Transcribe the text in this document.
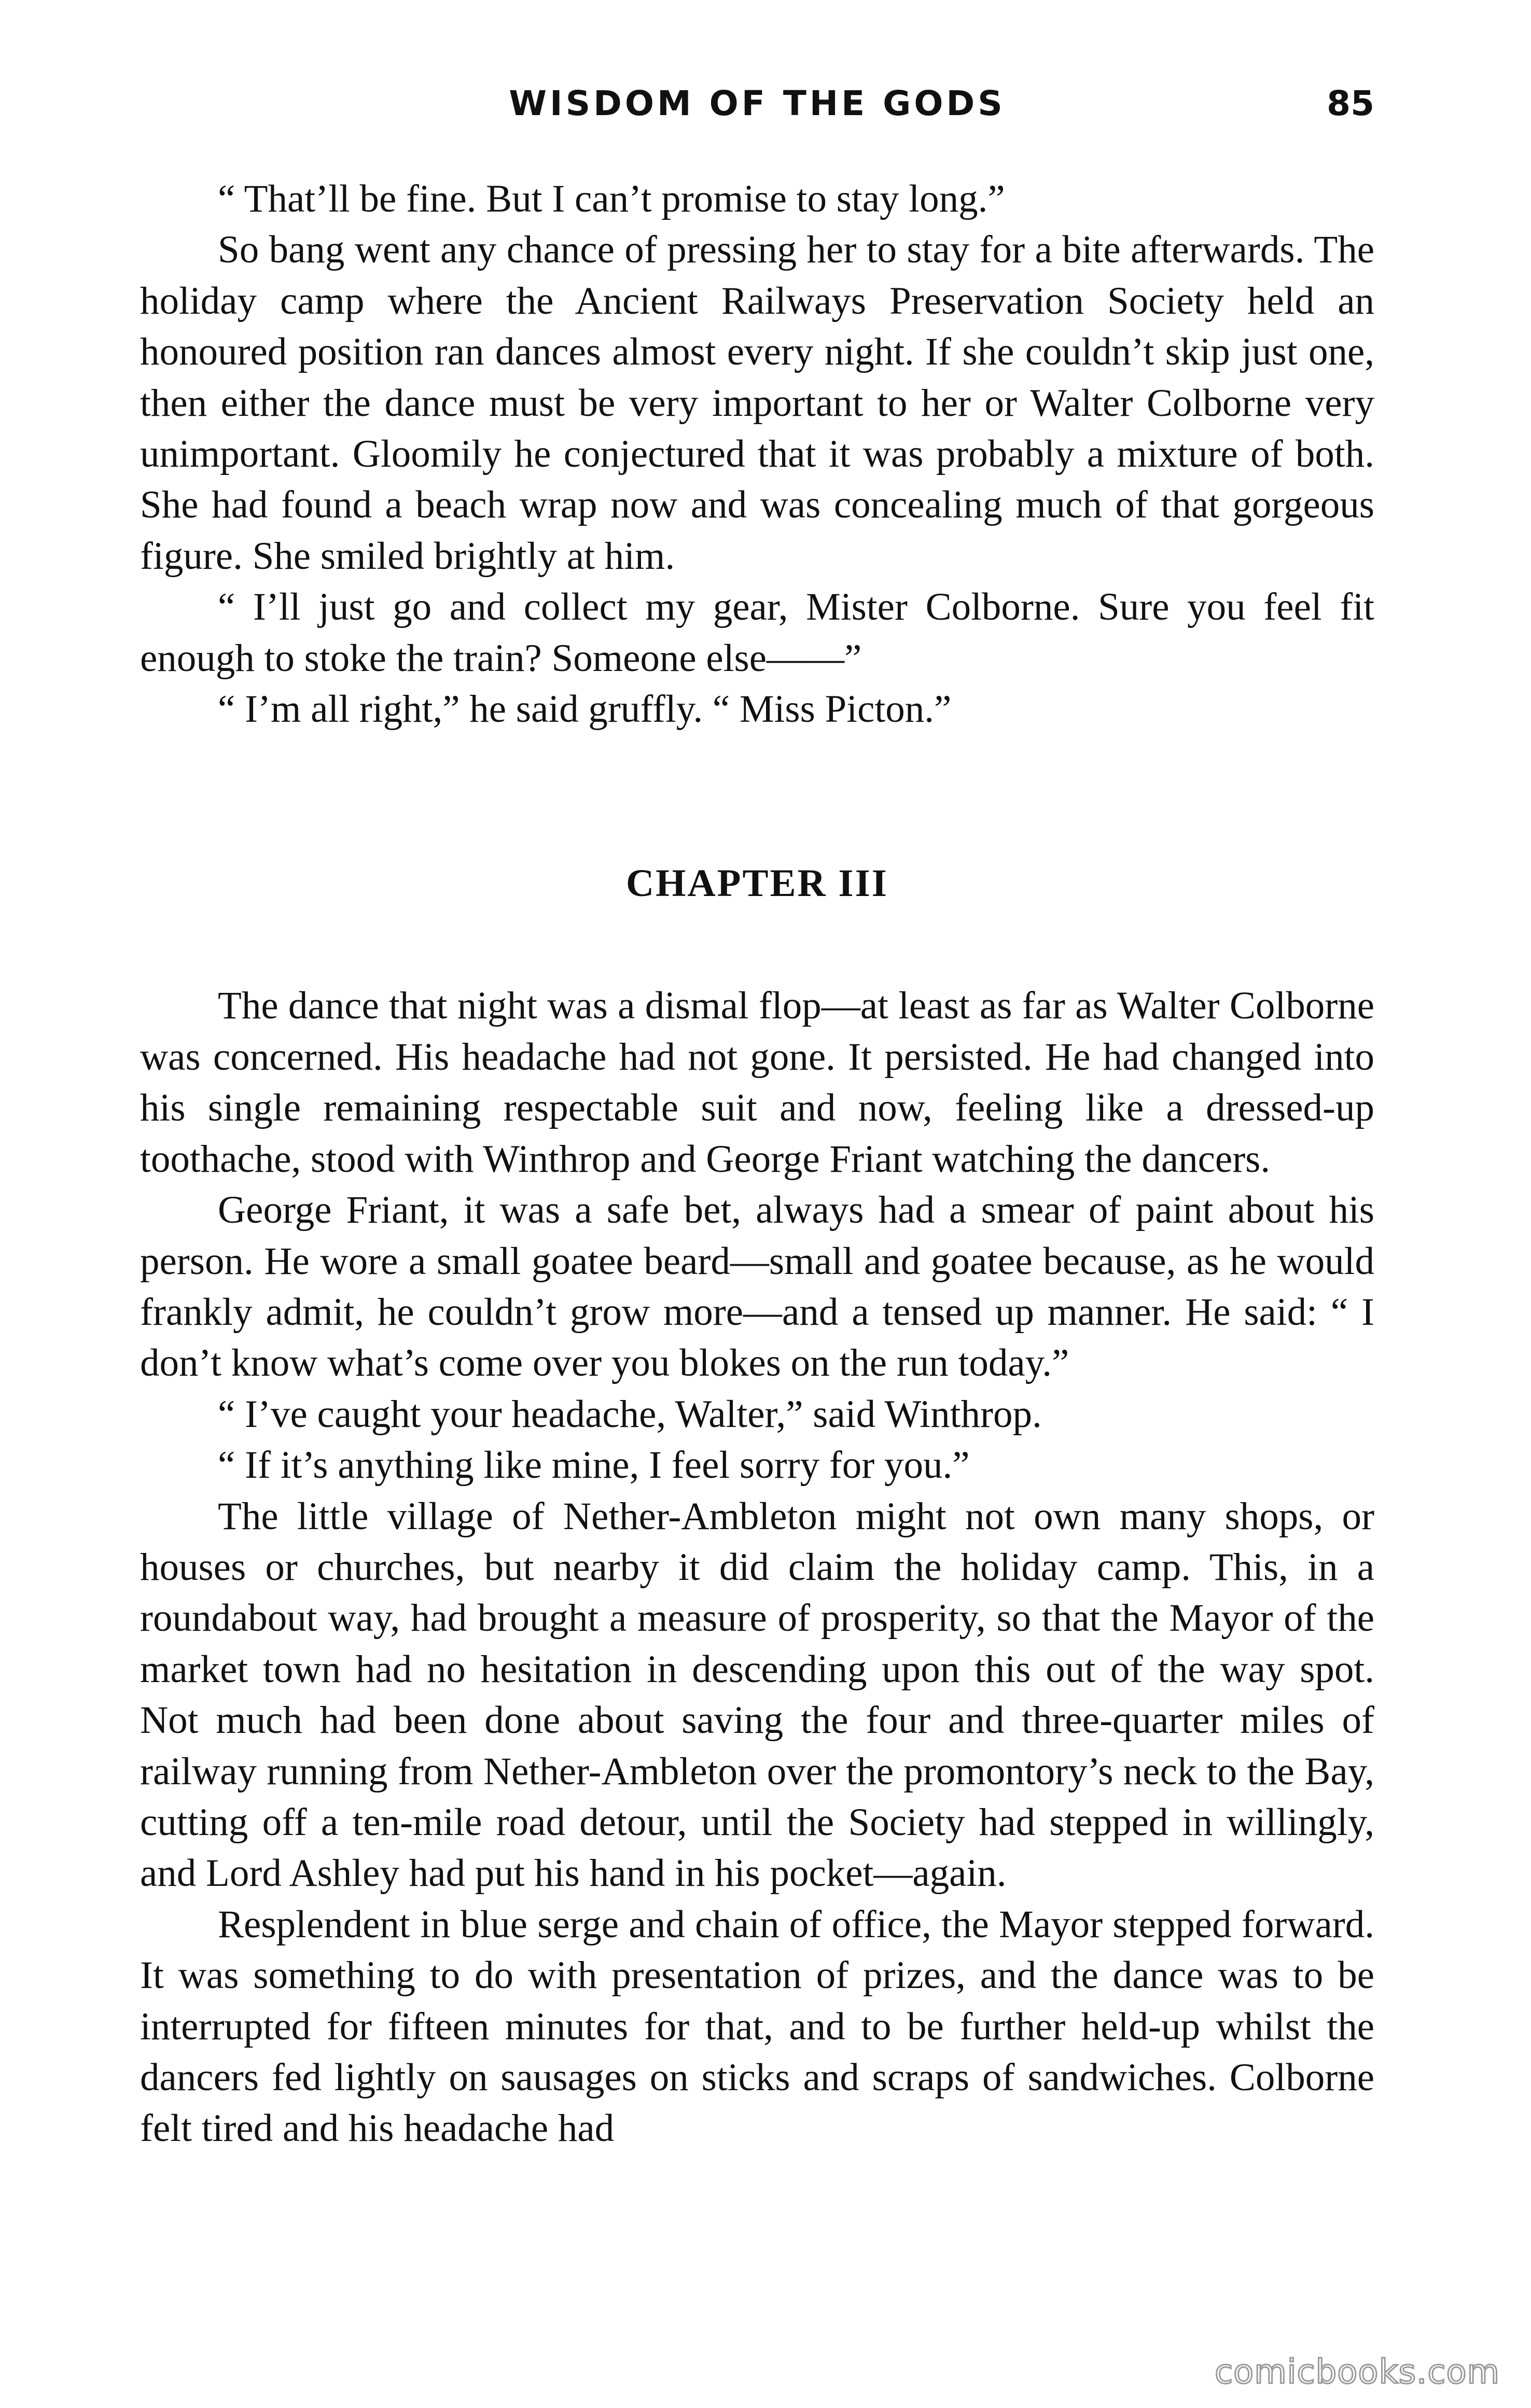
WISDOM OF THE GODS	85

“ That’ll be fine. But I can’t promise to stay long.”

So bang went any chance of pressing her to stay for a bite afterwards. The holiday camp where the Ancient Railways Preservation Society held an honoured position ran dances almost every night. If she couldn’t skip just one, then either the dance must be very important to her or Walter Colborne very unimportant. Gloomily he conjectured that it was probably a mixture of both. She had found a beach wrap now and was concealing much of that gorgeous figure. She smiled brightly at him.

“ I’ll just go and collect my gear, Mister Colborne. Sure you feel fit enough to stoke the train? Someone else——”

“ I’m all right,” he said gruffly. “ Miss Picton.”

CHAPTER III

The dance that night was a dismal flop—at least as far as Walter Colborne was concerned. His headache had not gone. It persisted. He had changed into his single remaining respectable suit and now, feeling like a dressed-up toothache, stood with Winthrop and George Friant watching the dancers.

George Friant, it was a safe bet, always had a smear of paint about his person. He wore a small goatee beard—small and goatee because, as he would frankly admit, he couldn’t grow more—and a tensed up manner. He said: “ I don’t know what’s come over you blokes on the run today.”

“ I’ve caught your headache, Walter,” said Winthrop.

“ If it’s anything like mine, I feel sorry for you.”

The little village of Nether-Ambleton might not own many shops, or houses or churches, but nearby it did claim the holiday camp. This, in a roundabout way, had brought a measure of prosperity, so that the Mayor of the market town had no hesitation in descending upon this out of the way spot. Not much had been done about saving the four and three-quarter miles of railway running from Nether-Ambleton over the promontory’s neck to the Bay, cutting off a ten-mile road detour, until the Society had stepped in willingly, and Lord Ashley had put his hand in his pocket—again.

Resplendent in blue serge and chain of office, the Mayor stepped forward. It was something to do with presentation of prizes, and the dance was to be interrupted for fifteen minutes for that, and to be further held-up whilst the dancers fed lightly on sausages on sticks and scraps of sandwiches. Colborne felt tired and his headache had

comicbooks.com
